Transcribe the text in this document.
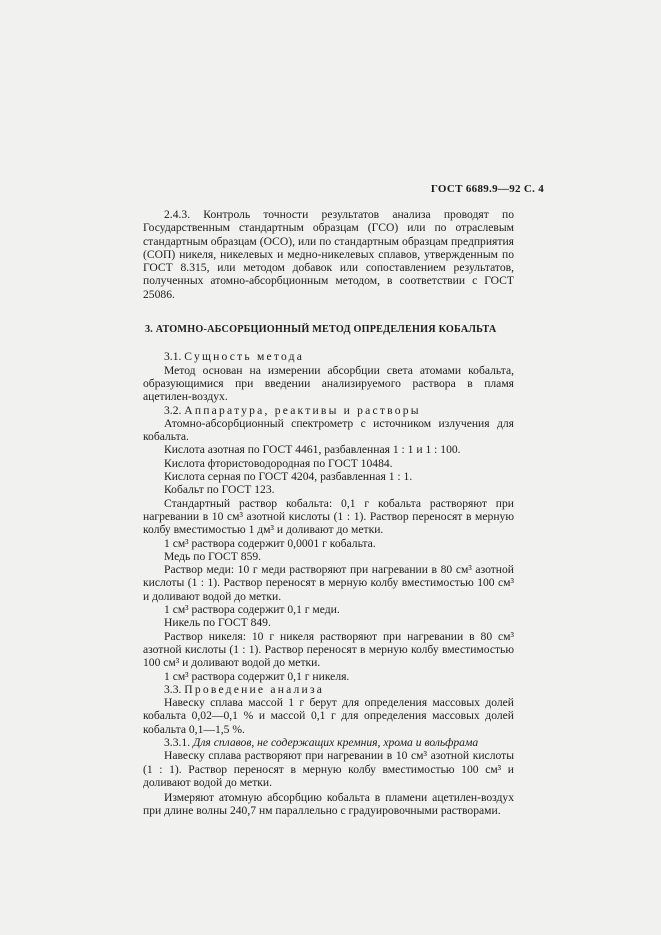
ГОСТ 6689.9—92 С. 4

2.4.3. Контроль точности результатов анализа проводят по Государственным стандартным образцам (ГСО) или по отраслевым стандартным образцам (ОСО), или по стандартным образцам предприятия (СОП) никеля, никелевых и медно-никелевых сплавов, утвержденным по ГОСТ 8.315, или методом добавок или сопоставлением результатов, полученных атомно-абсорбционным методом, в соответствии с ГОСТ 25086.

3. АТОМНО-АБСОРБЦИОННЫЙ МЕТОД ОПРЕДЕЛЕНИЯ КОБАЛЬТА

3.1. Сущность метода

Метод основан на измерении абсорбции света атомами кобальта, образующимися при введении анализируемого раствора в пламя ацетилен-воздух.

3.2. Аппаратура, реактивы и растворы

Атомно-абсорбционный спектрометр с источником излучения для кобальта.

Кислота азотная по ГОСТ 4461, разбавленная 1 : 1 и 1 : 100.

Кислота фтористоводородная по ГОСТ 10484.

Кислота серная по ГОСТ 4204, разбавленная 1 : 1.

Кобальт по ГОСТ 123.

Стандартный раствор кобальта: 0,1 г кобальта растворяют при нагревании в 10 см³ азотной кислоты (1 : 1). Раствор переносят в мерную колбу вместимостью 1 дм³ и доливают до метки.

1 см³ раствора содержит 0,0001 г кобальта.

Медь по ГОСТ 859.

Раствор меди: 10 г меди растворяют при нагревании в 80 см³ азотной кислоты (1 : 1). Раствор переносят в мерную колбу вместимостью 100 см³ и доливают водой до метки.

1 см³ раствора содержит 0,1 г меди.

Никель по ГОСТ 849.

Раствор никеля: 10 г никеля растворяют при нагревании в 80 см³ азотной кислоты (1 : 1). Раствор переносят в мерную колбу вместимостью 100 см³ и доливают водой до метки.

1 см³ раствора содержит 0,1 г никеля.

3.3. Проведение анализа

Навеску сплава массой 1 г берут для определения массовых долей кобальта 0,02—0,1 % и массой 0,1 г для определения массовых долей кобальта 0,1—1,5 %.

3.3.1. Для сплавов, не содержащих кремния, хрома и вольфрама

Навеску сплава растворяют при нагревании в 10 см³ азотной кислоты (1 : 1). Раствор переносят в мерную колбу вместимостью 100 см³ и доливают водой до метки.

Измеряют атомную абсорбцию кобальта в пламени ацетилен-воздух при длине волны 240,7 нм параллельно с градуировочными растворами.
